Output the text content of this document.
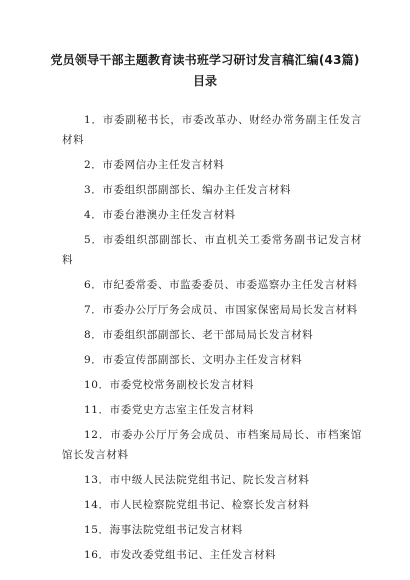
党员领导干部主题教育读书班学习研讨发言稿汇编(43篇)
目录
1．市委副秘书长，市委改革办、财经办常务副主任发言材料
2．市委网信办主任发言材料
3．市委组织部副部长、编办主任发言材料
4．市委台港澳办主任发言材料
5．市委组织部副部长、市直机关工委常务副书记发言材料
6．市纪委常委、市监委委员、市委巡察办主任发言材料
7．市委办公厅厅务会成员、市国家保密局局长发言材料
8．市委组织部副部长、老干部局局长发言材料
9．市委宣传部副部长、文明办主任发言材料
10．市委党校常务副校长发言材料
11．市委党史方志室主任发言材料
12．市委办公厅厅务会成员、市档案局局长、市档案馆馆长发言材料
13．市中级人民法院党组书记、院长发言材料
14．市人民检察院党组书记、检察长发言材料
15．海事法院党组书记发言材料
16．市发改委党组书记、主任发言材料
